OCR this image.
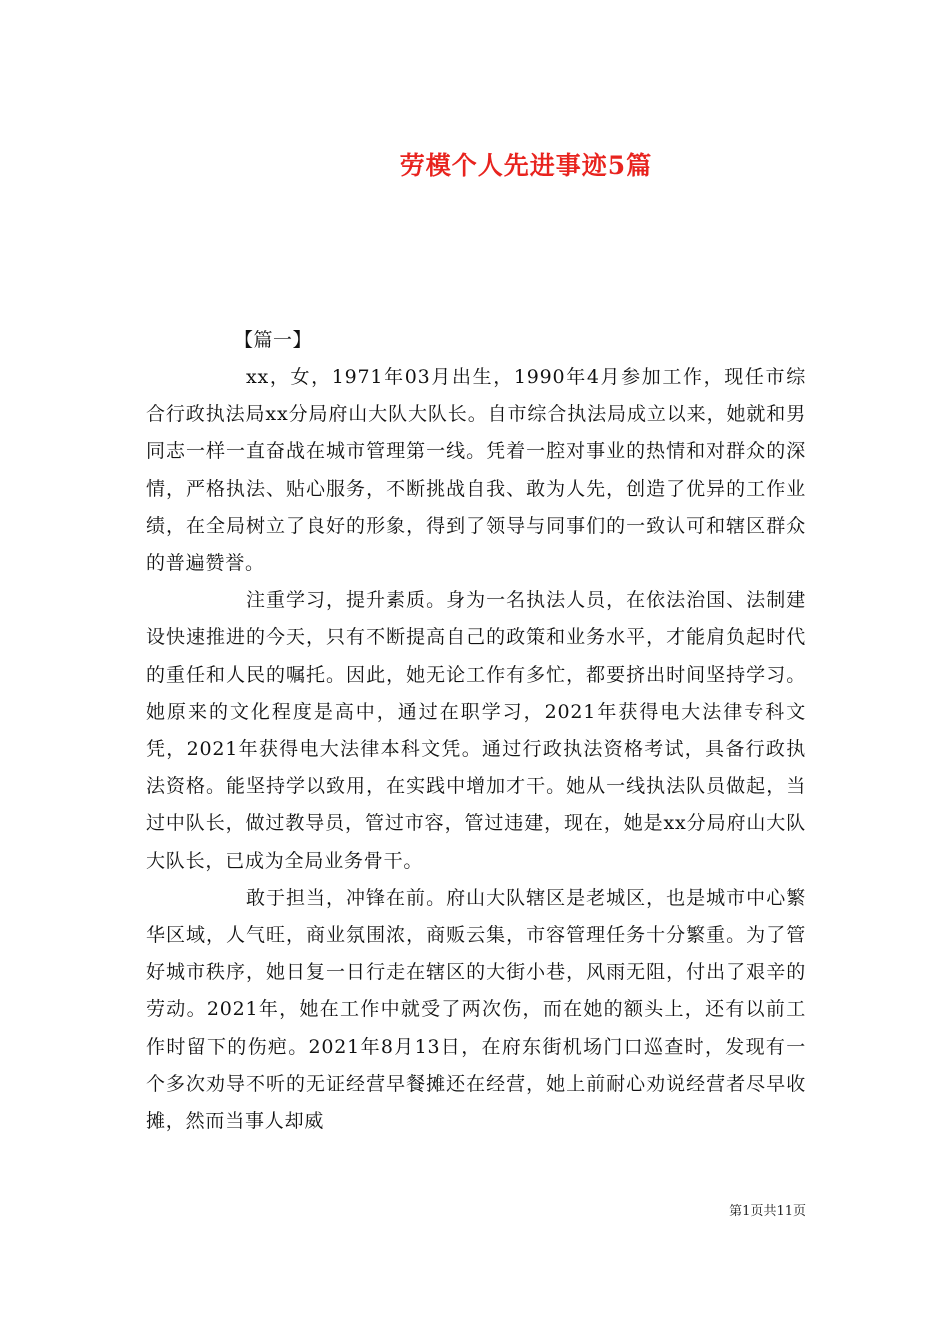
劳模个人先进事迹5篇
【篇一】

xx，女，1971年03月出生，1990年4月参加工作，现任市综合行政执法局xx分局府山大队大队长。自市综合执法局成立以来，她就和男同志一样一直奋战在城市管理第一线。凭着一腔对事业的热情和对群众的深情，严格执法、贴心服务，不断挑战自我、敢为人先，创造了优异的工作业绩，在全局树立了良好的形象，得到了领导与同事们的一致认可和辖区群众的普遍赞誉。

注重学习，提升素质。身为一名执法人员，在依法治国、法制建设快速推进的今天，只有不断提高自己的政策和业务水平，才能肩负起时代的重任和人民的嘱托。因此，她无论工作有多忙，都要挤出时间坚持学习。她原来的文化程度是高中，通过在职学习，2021年获得电大法律专科文凭，2021年获得电大法律本科文凭。通过行政执法资格考试，具备行政执法资格。能坚持学以致用，在实践中增加才干。她从一线执法队员做起，当过中队长，做过教导员，管过市容，管过违建，现在，她是xx分局府山大队大队长，已成为全局业务骨干。

敢于担当，冲锋在前。府山大队辖区是老城区，也是城市中心繁华区域，人气旺，商业氛围浓，商贩云集，市容管理任务十分繁重。为了管好城市秩序，她日复一日行走在辖区的大街小巷，风雨无阻，付出了艰辛的劳动。2021年，她在工作中就受了两次伤，而在她的额头上，还有以前工作时留下的伤疤。2021年8月13日，在府东街机场门口巡查时，发现有一个多次劝导不听的无证经营早餐摊还在经营，她上前耐心劝说经营者尽早收摊，然而当事人却威

第1页共11页
